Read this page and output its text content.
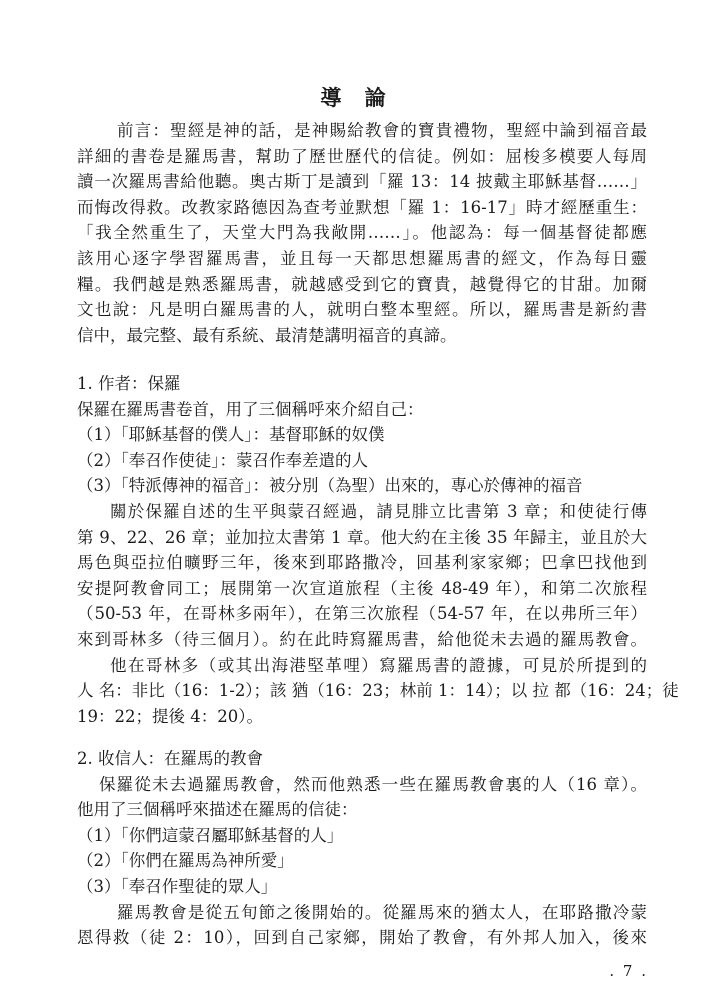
導 論
前言：聖經是神的話，是神賜給教會的寶貴禮物，聖經中論到福音最
詳細的書卷是羅馬書，幫助了歷世歷代的信徒。例如：屈梭多模要人每周
讀一次羅馬書給他聽。奧古斯丁是讀到「羅 13：14 披戴主耶穌基督……」
而悔改得救。改教家路德因為查考並默想「羅 1：16-17」時才經歷重生：
「我全然重生了，天堂大門為我敞開……」。他認為：每一個基督徒都應
該用心逐字學習羅馬書，並且每一天都思想羅馬書的經文，作為每日靈
糧。我們越是熟悉羅馬書，就越感受到它的寶貴，越覺得它的甘甜。加爾
文也說：凡是明白羅馬書的人，就明白整本聖經。所以，羅馬書是新約書
信中，最完整、最有系統、最清楚講明福音的真諦。
1. 作者：保羅
保羅在羅馬書卷首，用了三個稱呼來介紹自己：
（1）「耶穌基督的僕人」：基督耶穌的奴僕
（2）「奉召作使徒」：蒙召作奉差遣的人
（3）「特派傳神的福音」：被分別（為聖）出來的，專心於傳神的福音
關於保羅自述的生平與蒙召經過，請見腓立比書第 3 章；和使徒行傳
第 9、22、26 章；並加拉太書第 1 章。他大約在主後 35 年歸主，並且於大
馬色與亞拉伯曠野三年，後來到耶路撒冷，回基利家家鄉；巴拿巴找他到
安提阿教會同工；展開第一次宣道旅程（主後 48-49 年），和第二次旅程
（50-53 年，在哥林多兩年），在第三次旅程（54-57 年，在以弗所三年）
來到哥林多（待三個月）。約在此時寫羅馬書，給他從未去過的羅馬教會。
他在哥林多（或其出海港堅革哩）寫羅馬書的證據，可見於所提到的
人 名：非比（16：1-2）；該 猶（16：23；林前 1：14）；以 拉 都（16：24；徒
19：22；提後 4：20）。
2. 收信人：在羅馬的教會
保羅從未去過羅馬教會，然而他熟悉一些在羅馬教會裏的人（16 章）。
他用了三個稱呼來描述在羅馬的信徒：
（1）「你們這蒙召屬耶穌基督的人」
（2）「你們在羅馬為神所愛」
（3）「奉召作聖徒的眾人」
羅馬教會是從五旬節之後開始的。從羅馬來的猶太人，在耶路撒冷蒙
恩得救（徒 2：10），回到自己家鄉，開始了教會，有外邦人加入，後來
. 7 .
